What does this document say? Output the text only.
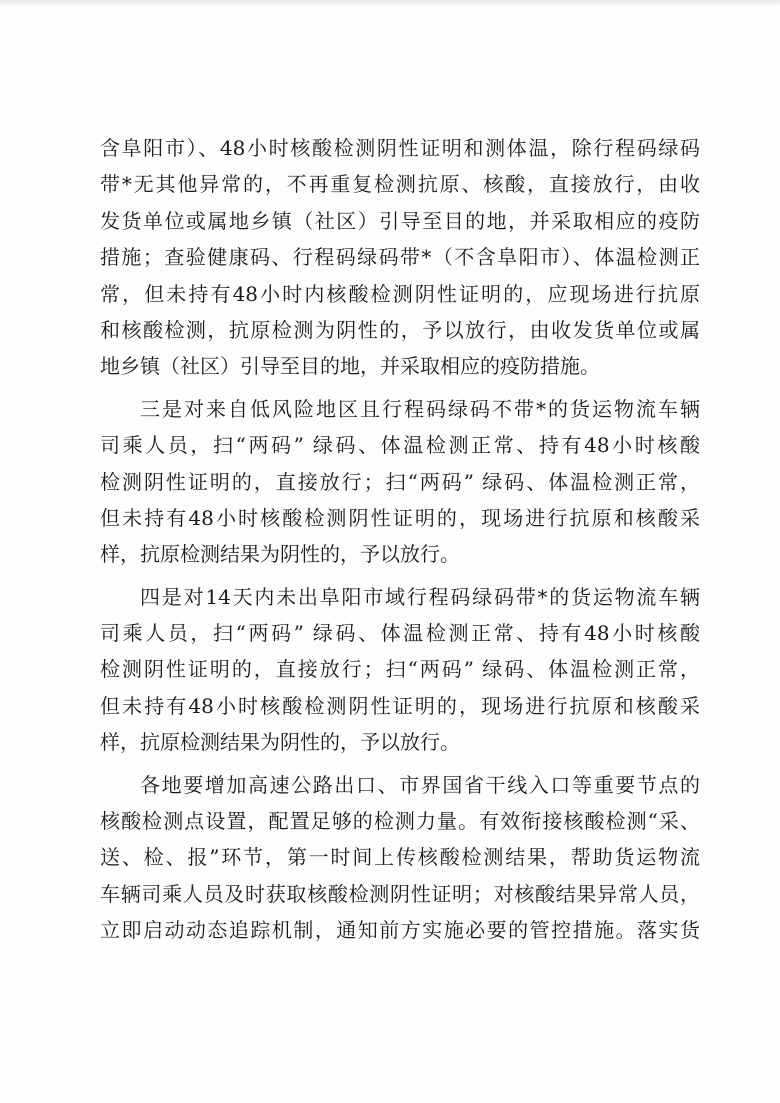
含阜阳市）、48小时核酸检测阴性证明和测体温，除行程码绿码
带*无其他异常的，不再重复检测抗原、核酸，直接放行，由收
发货单位或属地乡镇（社区）引导至目的地，并采取相应的疫防
措施；查验健康码、行程码绿码带*（不含阜阳市）、体温检测正
常，但未持有48小时内核酸检测阴性证明的，应现场进行抗原
和核酸检测，抗原检测为阴性的，予以放行，由收发货单位或属
地乡镇（社区）引导至目的地，并采取相应的疫防措施。
三是对来自低风险地区且行程码绿码不带*的货运物流车辆
司乘人员，扫“两码” 绿码、体温检测正常、持有48小时核酸
检测阴性证明的，直接放行；扫“两码” 绿码、体温检测正常，
但未持有48小时核酸检测阴性证明的，现场进行抗原和核酸采
样，抗原检测结果为阴性的，予以放行。
四是对14天内未出阜阳市域行程码绿码带*的货运物流车辆
司乘人员，扫“两码” 绿码、体温检测正常、持有48小时核酸
检测阴性证明的，直接放行；扫“两码” 绿码、体温检测正常，
但未持有48小时核酸检测阴性证明的，现场进行抗原和核酸采
样，抗原检测结果为阴性的，予以放行。
各地要增加高速公路出口、市界国省干线入口等重要节点的
核酸检测点设置，配置足够的检测力量。有效衔接核酸检测“采、
送、检、报”环节，第一时间上传核酸检测结果，帮助货运物流
车辆司乘人员及时获取核酸检测阴性证明；对核酸结果异常人员，
立即启动动态追踪机制，通知前方实施必要的管控措施。落实货
